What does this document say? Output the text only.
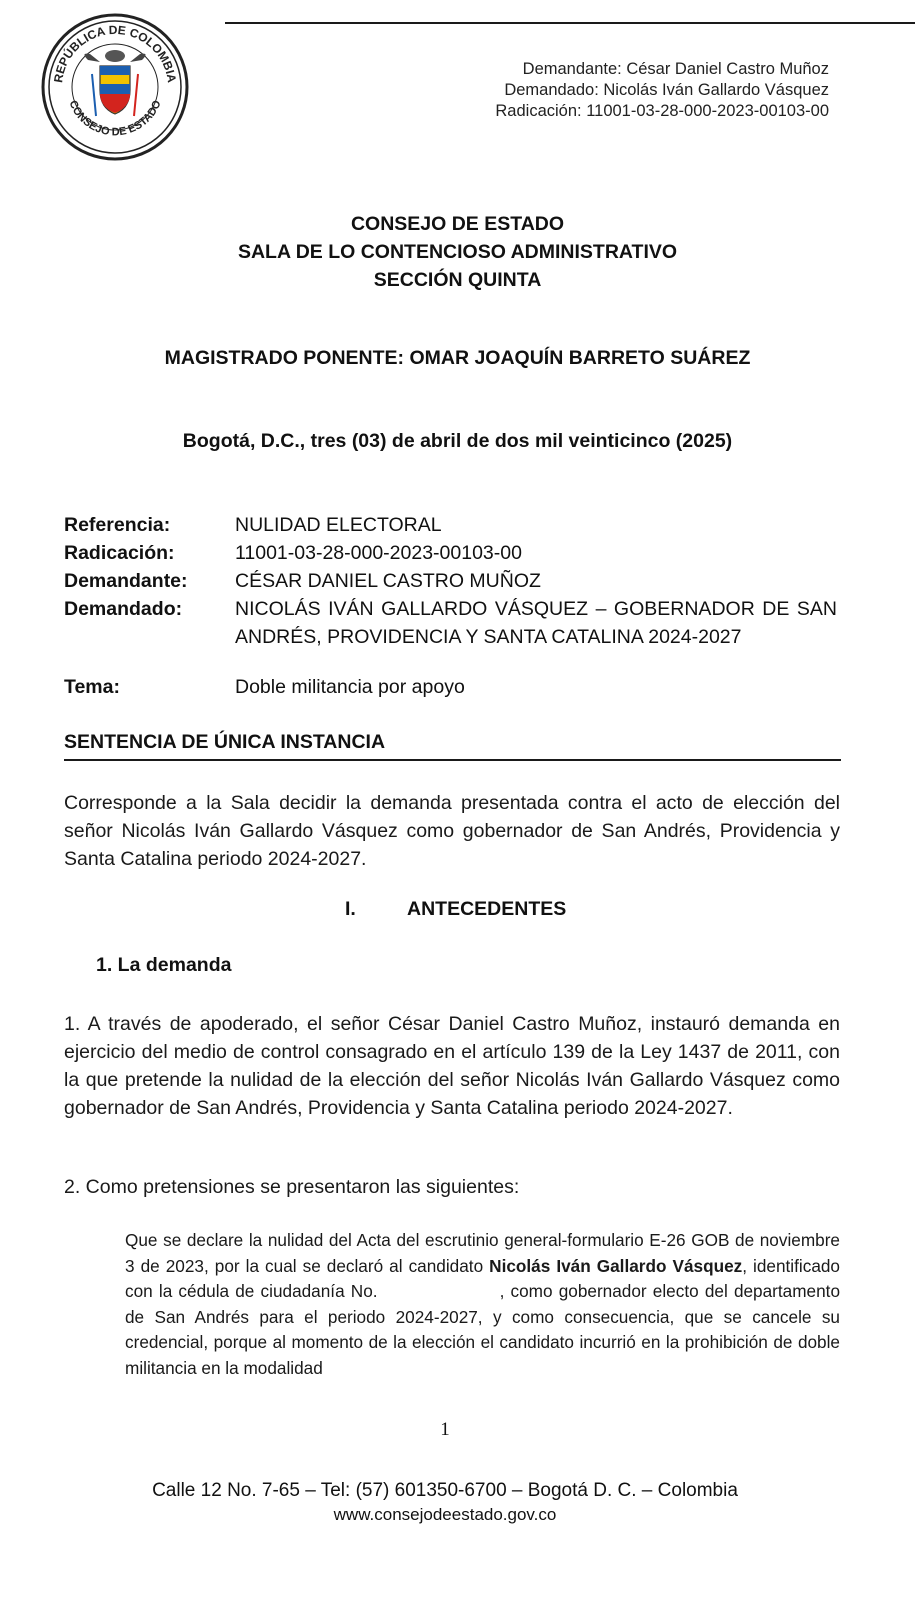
REPÚBLICA DE COLOMBIA
CONSEJO DE ESTADO
Demandante: César Daniel Castro Muñoz
Demandado: Nicolás Iván Gallardo Vásquez
Radicación: 11001-03-28-000-2023-00103-00
CONSEJO DE ESTADO
SALA DE LO CONTENCIOSO ADMINISTRATIVO
SECCIÓN QUINTA
MAGISTRADO PONENTE: OMAR JOAQUÍN BARRETO SUÁREZ
Bogotá, D.C., tres (03) de abril de dos mil veinticinco (2025)
Referencia:	NULIDAD ELECTORAL
Radicación:	11001-03-28-000-2023-00103-00
Demandante:	CÉSAR DANIEL CASTRO MUÑOZ
Demandado:	NICOLÁS IVÁN GALLARDO VÁSQUEZ – GOBERNADOR DE SAN ANDRÉS, PROVIDENCIA Y SANTA CATALINA 2024-2027
Tema:	Doble militancia por apoyo
SENTENCIA DE ÚNICA INSTANCIA
Corresponde a la Sala decidir la demanda presentada contra el acto de elección del señor Nicolás Iván Gallardo Vásquez como gobernador de San Andrés, Providencia y Santa Catalina periodo 2024-2027.
I.	ANTECEDENTES
1. La demanda
1. A través de apoderado, el señor César Daniel Castro Muñoz, instauró demanda en ejercicio del medio de control consagrado en el artículo 139 de la Ley 1437 de 2011, con la que pretende la nulidad de la elección del señor Nicolás Iván Gallardo Vásquez como gobernador de San Andrés, Providencia y Santa Catalina periodo 2024-2027.
2. Como pretensiones se presentaron las siguientes:
Que se declare la nulidad del Acta del escrutinio general-formulario E-26 GOB de noviembre 3 de 2023, por la cual se declaró al candidato Nicolás Iván Gallardo Vásquez, identificado con la cédula de ciudadanía No.	, como gobernador electo del departamento de San Andrés para el periodo 2024-2027, y como consecuencia, que se cancele su credencial, porque al momento de la elección el candidato incurrió en la prohibición de doble militancia en la modalidad
1
Calle 12 No. 7-65 – Tel: (57) 601350-6700 – Bogotá D. C. – Colombia
www.consejodeestado.gov.co
